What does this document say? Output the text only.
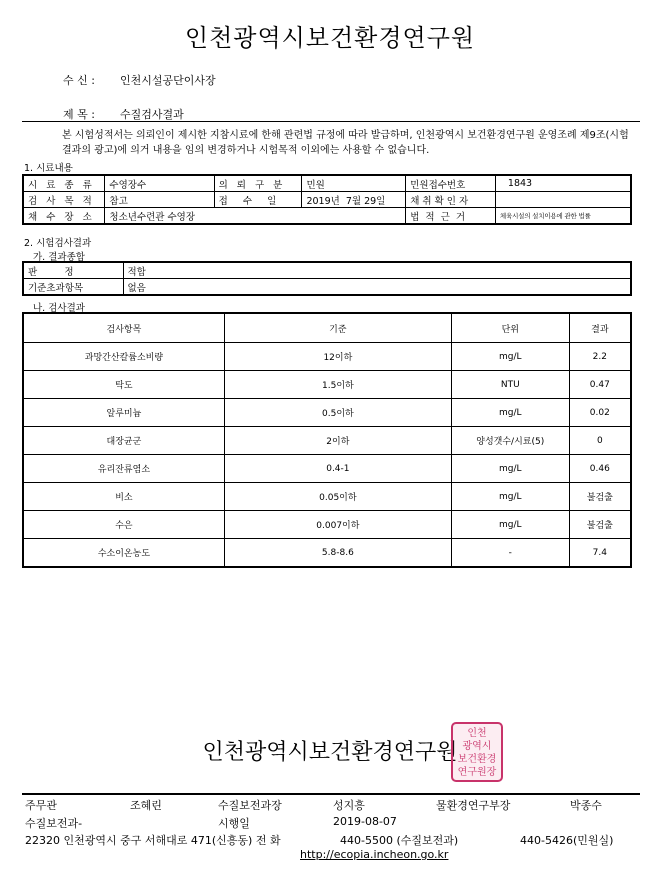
인천광역시보건환경연구원
수 신 : 인천시설공단이사장
제 목 : 수질검사결과
본 시험성적서는 의뢰인이 제시한 지참시료에 한해 관련법 규정에 따라 발급하며, 인천광역시 보건환경연구원 운영조례 제9조(시험결과의 광고)에 의거 내용을 임의 변경하거나 시험목적 이외에는 사용할 수 없습니다.
1. 시료내용
시 료 종 류	수영장수	의 뢰 구 분	민원	민원접수번호	1843
검 사 목 적	참고	접     수     일	2019년  7월 29일	채 취 확 인 자	
채 수 장 소	청소년수련관 수영장			법  적  근  거	체육시설의 설치이용에 관한 법률
2. 시험검사결과
가. 결과종합
판         정	적합
기준초과항목	없음
나. 검사결과
검사항목	기준	단위	결과
과망간산칼륨소비량	12이하	mg/L	2.2
탁도	1.5이하	NTU	0.47
알루미늄	0.5이하	mg/L	0.02
대장균군	2이하	양성갯수/시료(5)	0
유리잔류염소	0.4-1	mg/L	0.46
비소	0.05이하	mg/L	불검출
수은	0.007이하	mg/L	불검출
수소이온농도	5.8-8.6	-	7.4
인천광역시보건환경연구원
인천
광역시
보건환경
연구원장
주무관	조혜린	수질보전과장	성지흥	물환경연구부장	박종수
수질보전과-	시행일	2019-08-07
22320 인천광역시 중구 서해대로 471(신흥동) 전 화	440-5500 (수질보전과)	440-5426(민원실)
http://ecopia.incheon.go.kr
